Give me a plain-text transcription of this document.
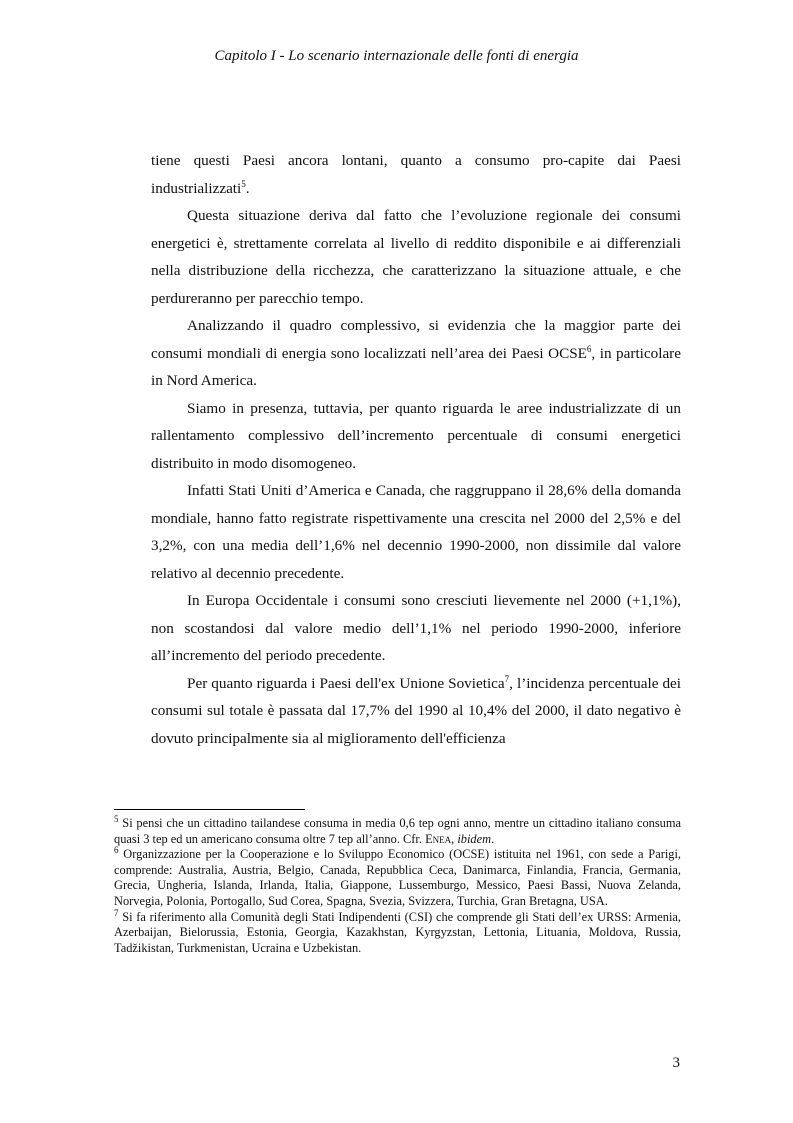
Capitolo I - Lo scenario internazionale delle fonti di energia

tiene questi Paesi ancora lontani, quanto a consumo pro-capite dai Paesi industrializzati$^5$.

Questa situazione deriva dal fatto che l’evoluzione regionale dei consumi energetici è, strettamente correlata al livello di reddito disponibile e ai differenziali nella distribuzione della ricchezza, che caratterizzano la situazione attuale, e che perdureranno per parecchio tempo.

Analizzando il quadro complessivo, si evidenzia che la maggior parte dei consumi mondiali di energia sono localizzati nell’area dei Paesi OCSE$^6$, in particolare in Nord America.

Siamo in presenza, tuttavia, per quanto riguarda le aree industrializzate di un rallentamento complessivo dell’incremento percentuale di consumi energetici distribuito in modo disomogeneo.

Infatti Stati Uniti d’America e Canada, che raggruppano il 28,6% della domanda mondiale, hanno fatto registrate rispettivamente una crescita nel 2000 del 2,5% e del 3,2%, con una media dell’1,6% nel decennio 1990-2000, non dissimile dal valore relativo al decennio precedente.

In Europa Occidentale i consumi sono cresciuti lievemente nel 2000 (+1,1%), non scostandosi dal valore medio dell’1,1% nel periodo 1990-2000, inferiore all’incremento del periodo precedente.

Per quanto riguarda i Paesi dell'ex Unione Sovietica$^7$, l’incidenza percentuale dei consumi sul totale è passata dal 17,7% del 1990 al 10,4% del 2000, il dato negativo è dovuto principalmente sia al miglioramento dell'efficienza

$^5$ Si pensi che un cittadino tailandese consuma in media 0,6 tep ogni anno, mentre un cittadino italiano consuma quasi 3 tep ed un americano consuma oltre 7 tep all’anno. Cfr. Enea, ibidem.

$^6$ Organizzazione per la Cooperazione e lo Sviluppo Economico (OCSE) istituita nel 1961, con sede a Parigi, comprende: Australia, Austria, Belgio, Canada, Repubblica Ceca, Danimarca, Finlandia, Francia, Germania, Grecia, Ungheria, Islanda, Irlanda, Italia, Giappone, Lussemburgo, Messico, Paesi Bassi, Nuova Zelanda, Norvegia, Polonia, Portogallo, Sud Corea, Spagna, Svezia, Svizzera, Turchia, Gran Bretagna, USA.

$^7$ Si fa riferimento alla Comunità degli Stati Indipendenti (CSI) che comprende gli Stati dell’ex URSS: Armenia, Azerbaijan, Bielorussia, Estonia, Georgia, Kazakhstan, Kyrgyzstan, Lettonia, Lituania, Moldova, Russia, Tadžikistan, Turkmenistan, Ucraina e Uzbekistan.

3
